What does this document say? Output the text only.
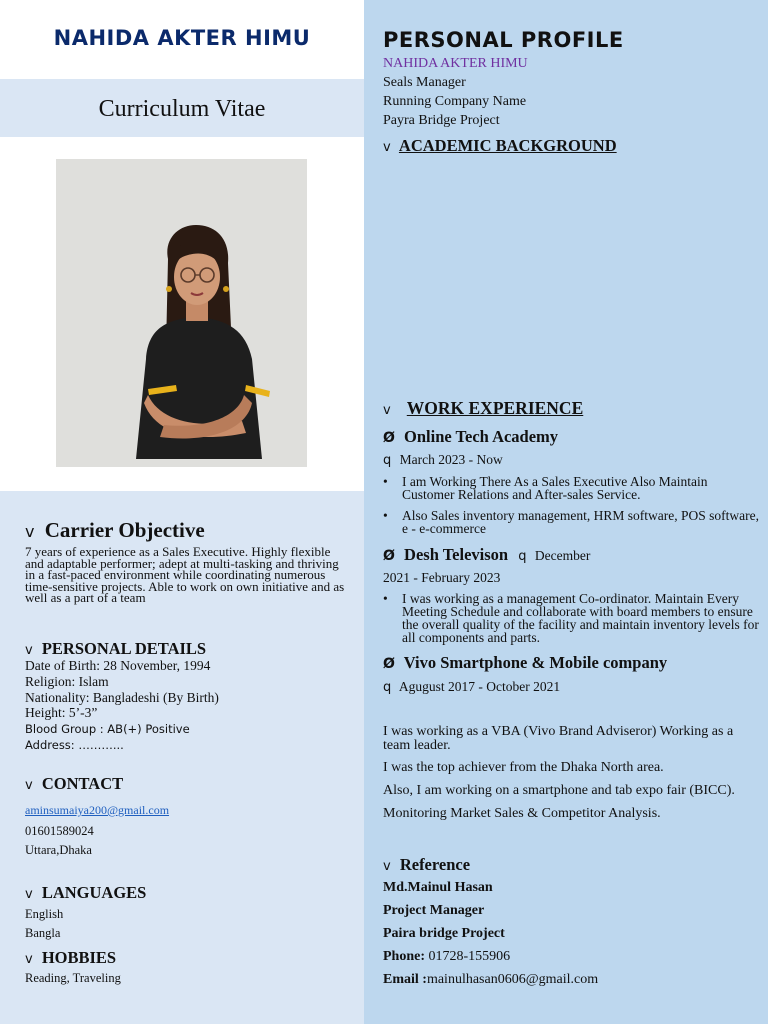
NAHIDA AKTER HIMU
Curriculum Vitae
v Carrier Objective
7 years of experience as a Sales Executive. Highly flexible and adaptable performer; adept at multi-tasking and thriving in a fast-paced environment while coordinating numerous time-sensitive projects. Able to work on own initiative and as well as a part of a team
v PERSONAL DETAILS
Date of Birth: 28 November, 1994
Religion: Islam
Nationality: Bangladeshi (By Birth)
Height: 5’-3”
Blood Group : AB(+) Positive
Address: ………...
v CONTACT
aminsumaiya200@gmail.com
01601589024
Uttara,Dhaka
v LANGUAGES
English
Bangla
v HOBBIES
Reading, Traveling
PERSONAL PROFILE
NAHIDA AKTER HIMU
Seals Manager
Running Company Name
Payra Bridge Project
v ACADEMIC BACKGROUND
v WORK EXPERIENCE
Ø Online Tech Academy
q March 2023 - Now
• I am Working There As a Sales Executive Also Maintain Customer Relations and After-sales Service.
• Also Sales inventory management, HRM software, POS software, e - e-commerce
Ø Desh Televison q December
2021 - February 2023
• I was working as a management Co-ordinator. Maintain Every Meeting Schedule and collaborate with board members to ensure the overall quality of the facility and maintain inventory levels for all components and parts.
Ø Vivo Smartphone & Mobile company
q Agugust 2017 - October 2021
I was working as a VBA (Vivo Brand Adviseror) Working as a team leader.
I was the top achiever from the Dhaka North area.
Also, I am working on a smartphone and tab expo fair (BICC).
Monitoring Market Sales & Competitor Analysis.
v Reference
Md.Mainul Hasan
Project Manager
Paira bridge Project
Phone: 01728-155906
Email :mainulhasan0606@gmail.com
